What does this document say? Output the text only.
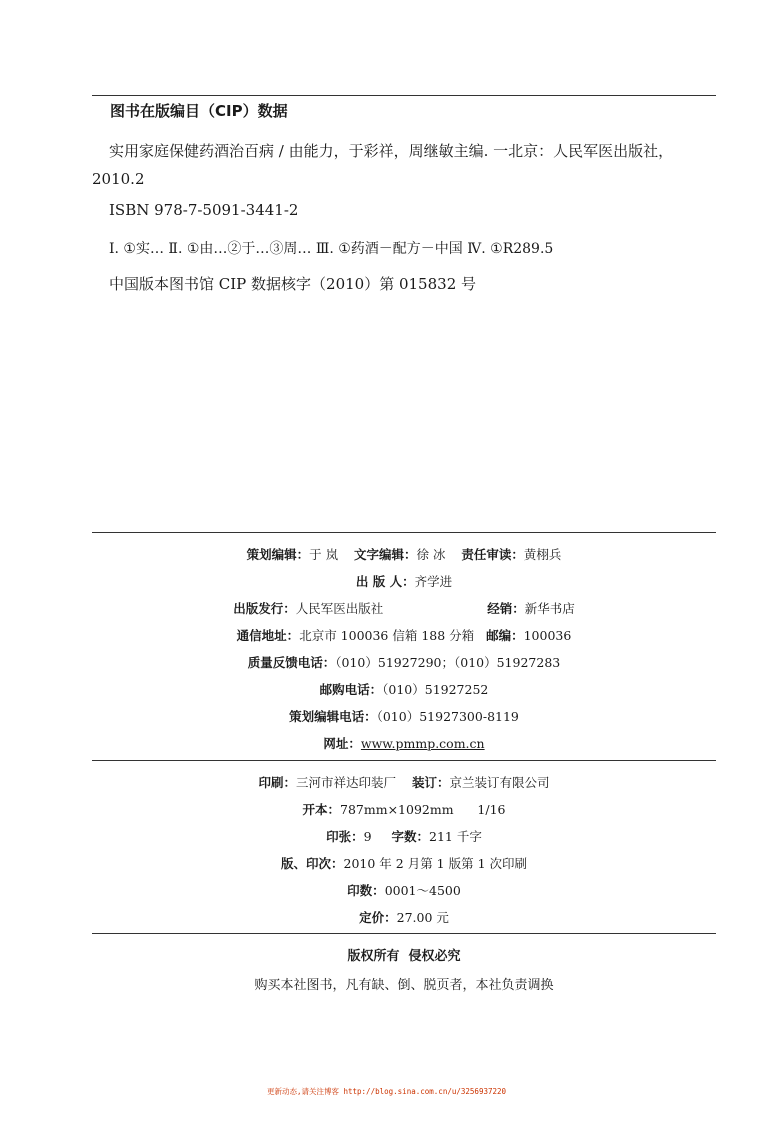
图书在版编目（CIP）数据
实用家庭保健药酒治百病 / 由能力，于彩祥，周继敏主编. 一北京：人民军医出版社，
2010.2
ISBN 978-7-5091-3441-2
Ⅰ. ①实… Ⅱ. ①由…②于…③周… Ⅲ. ①药酒－配方－中国 Ⅳ. ①R289.5
中国版本图书馆 CIP 数据核字（2010）第 015832 号
策划编辑：于 岚 文字编辑：徐 冰 责任审读：黄栩兵
出 版 人：齐学进
出版发行：人民军医出版社	经销：新华书店
通信地址：北京市 100036 信箱 188 分箱 邮编：100036
质量反馈电话：（010）51927290；（010）51927283
邮购电话：（010）51927252
策划编辑电话：（010）51927300-8119
网址：www.pmmp.com.cn
印刷：三河市祥达印装厂 装订：京兰装订有限公司
开本：787mm×1092mm 1/16
印张：9 字数：211 千字
版、印次：2010 年 2 月第 1 版第 1 次印刷
印数：0001～4500
定价：27.00 元
版权所有  侵权必究
购买本社图书，凡有缺、倒、脱页者，本社负责调换
更新动态,请关注博客 http://blog.sina.com.cn/u/3256937220
